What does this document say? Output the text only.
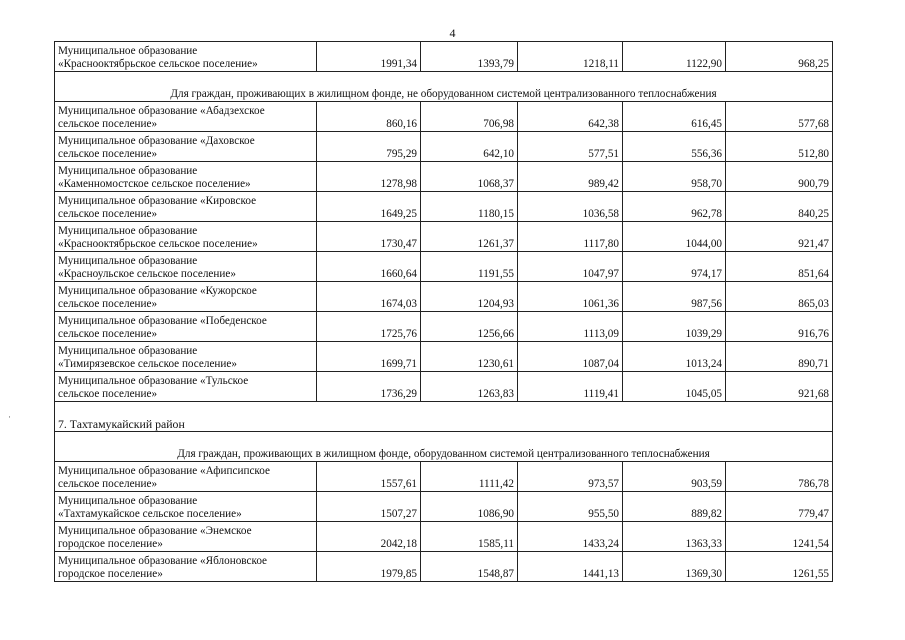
4
Муниципальное образование
«Краснооктябрьское сельское поселение»	1991,34	1393,79	1218,11	1122,90	968,25
Для граждан, проживающих в жилищном фонде, не оборудованном системой централизованного теплоснабжения					
Муниципальное образование «Абадзехское
сельское поселение»	860,16	706,98	642,38	616,45	577,68
Муниципальное образование «Даховское
сельское поселение»	795,29	642,10	577,51	556,36	512,80
Муниципальное образование
«Каменномостское сельское поселение»	1278,98	1068,37	989,42	958,70	900,79
Муниципальное образование «Кировское
сельское поселение»	1649,25	1180,15	1036,58	962,78	840,25
Муниципальное образование
«Краснооктябрьское сельское поселение»	1730,47	1261,37	1117,80	1044,00	921,47
Муниципальное образование
«Красноульское сельское поселение»	1660,64	1191,55	1047,97	974,17	851,64
Муниципальное образование «Кужорское
сельское поселение»	1674,03	1204,93	1061,36	987,56	865,03
Муниципальное образование «Победенское
сельское поселение»	1725,76	1256,66	1113,09	1039,29	916,76
Муниципальное образование
«Тимирязевское сельское поселение»	1699,71	1230,61	1087,04	1013,24	890,71
Муниципальное образование «Тульское
сельское поселение»	1736,29	1263,83	1119,41	1045,05	921,68
7. Тахтамукайский район					
Для граждан, проживающих в жилищном фонде, оборудованном системой централизованного теплоснабжения					
Муниципальное образование «Афипсипское
сельское поселение»	1557,61	1111,42	973,57	903,59	786,78
Муниципальное образование
«Тахтамукайское сельское поселение»	1507,27	1086,90	955,50	889,82	779,47
Муниципальное образование «Энемское
городское поселение»	2042,18	1585,11	1433,24	1363,33	1241,54
Муниципальное образование «Яблоновское
городское поселение»	1979,85	1548,87	1441,13	1369,30	1261,55
·
